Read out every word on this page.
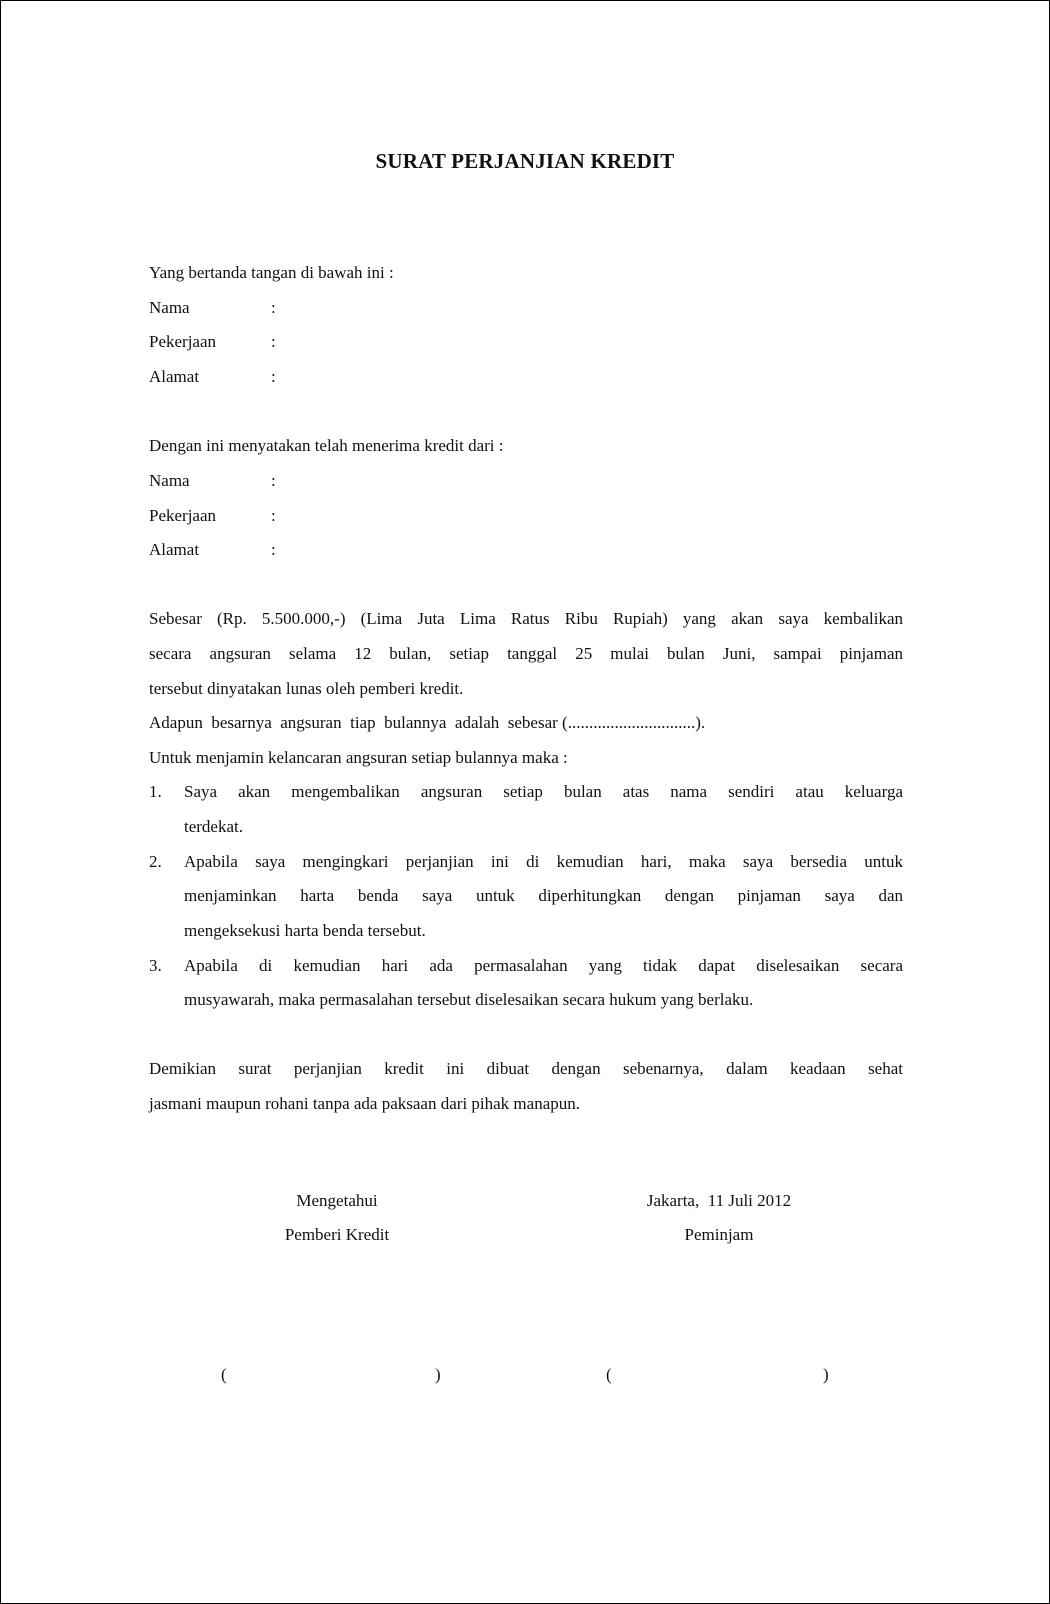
SURAT PERJANJIAN KREDIT
Yang bertanda tangan di bawah ini :
Nama	:
Pekerjaan	:
Alamat	:
Dengan ini menyatakan telah menerima kredit dari :
Nama	:
Pekerjaan	:
Alamat	:
Sebesar (Rp. 5.500.000,-) (Lima Juta Lima Ratus Ribu Rupiah) yang akan saya kembalikan
secara angsuran selama 12 bulan, setiap tanggal 25 mulai bulan Juni, sampai pinjaman
tersebut dinyatakan lunas oleh pemberi kredit.
Adapun  besarnya  angsuran  tiap  bulannya  adalah  sebesar (..............................).
Untuk menjamin kelancaran angsuran setiap bulannya maka :
1. Saya akan mengembalikan angsuran setiap bulan atas nama sendiri atau keluarga
terdekat.
2. Apabila saya mengingkari perjanjian ini di kemudian hari, maka saya bersedia untuk
menjaminkan harta benda saya untuk diperhitungkan dengan pinjaman saya dan
mengeksekusi harta benda tersebut.
3. Apabila di kemudian hari ada permasalahan yang tidak dapat diselesaikan secara
musyawarah, maka permasalahan tersebut diselesaikan secara hukum yang berlaku.
Demikian surat perjanjian kredit ini dibuat dengan sebenarnya, dalam keadaan sehat
jasmani maupun rohani tanpa ada paksaan dari pihak manapun.
Mengetahui
Pemberi Kredit
Jakarta,  11 Juli 2012
Peminjam
(	)	(	)
